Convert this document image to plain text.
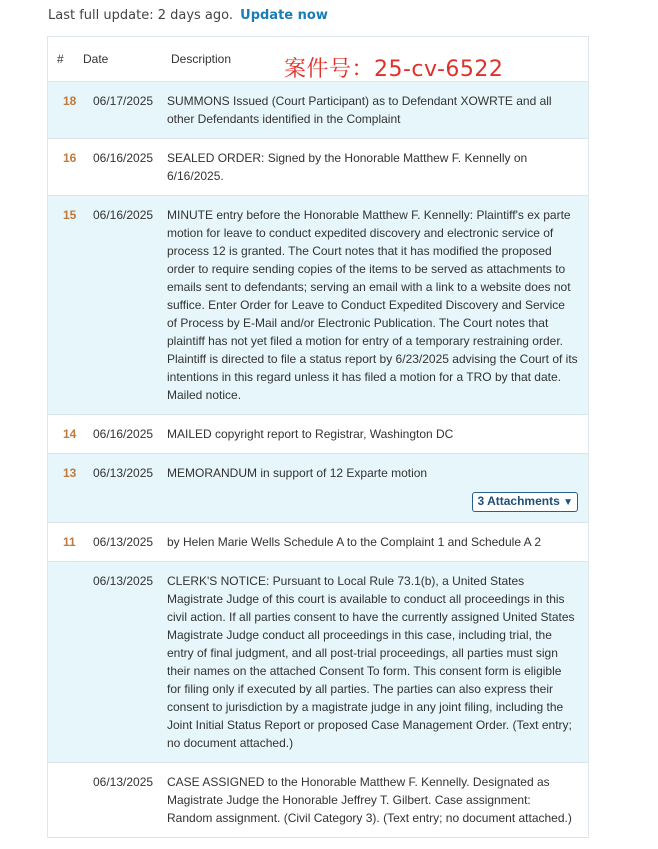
Last full update: 2 days ago. Update now
# Date	Description 案件号：25-cv-6522
18 06/17/2025 SUMMONS Issued (Court Participant) as to Defendant XOWRTE and all other Defendants identified in the Complaint
16 06/16/2025 SEALED ORDER: Signed by the Honorable Matthew F. Kennelly on 6/16/2025.
15 06/16/2025 MINUTE entry before the Honorable Matthew F. Kennelly: Plaintiff's ex parte motion for leave to conduct expedited discovery and electronic service of process 12 is granted. The Court notes that it has modified the proposed order to require sending copies of the items to be served as attachments to emails sent to defendants; serving an email with a link to a website does not suffice. Enter Order for Leave to Conduct Expedited Discovery and Service of Process by E-Mail and/or Electronic Publication. The Court notes that plaintiff has not yet filed a motion for entry of a temporary restraining order. Plaintiff is directed to file a status report by 6/23/2025 advising the Court of its intentions in this regard unless it has filed a motion for a TRO by that date. Mailed notice.
14 06/16/2025 MAILED copyright report to Registrar, Washington DC
13 06/13/2025 MEMORANDUM in support of 12 Exparte motion
3 Attachments ▼
11 06/13/2025 by Helen Marie Wells Schedule A to the Complaint 1 and Schedule A 2
06/13/2025 CLERK'S NOTICE: Pursuant to Local Rule 73.1(b), a United States Magistrate Judge of this court is available to conduct all proceedings in this civil action. If all parties consent to have the currently assigned United States Magistrate Judge conduct all proceedings in this case, including trial, the entry of final judgment, and all post-trial proceedings, all parties must sign their names on the attached Consent To form. This consent form is eligible for filing only if executed by all parties. The parties can also express their consent to jurisdiction by a magistrate judge in any joint filing, including the Joint Initial Status Report or proposed Case Management Order. (Text entry; no document attached.)
06/13/2025 CASE ASSIGNED to the Honorable Matthew F. Kennelly. Designated as Magistrate Judge the Honorable Jeffrey T. Gilbert. Case assignment: Random assignment. (Civil Category 3). (Text entry; no document attached.)
